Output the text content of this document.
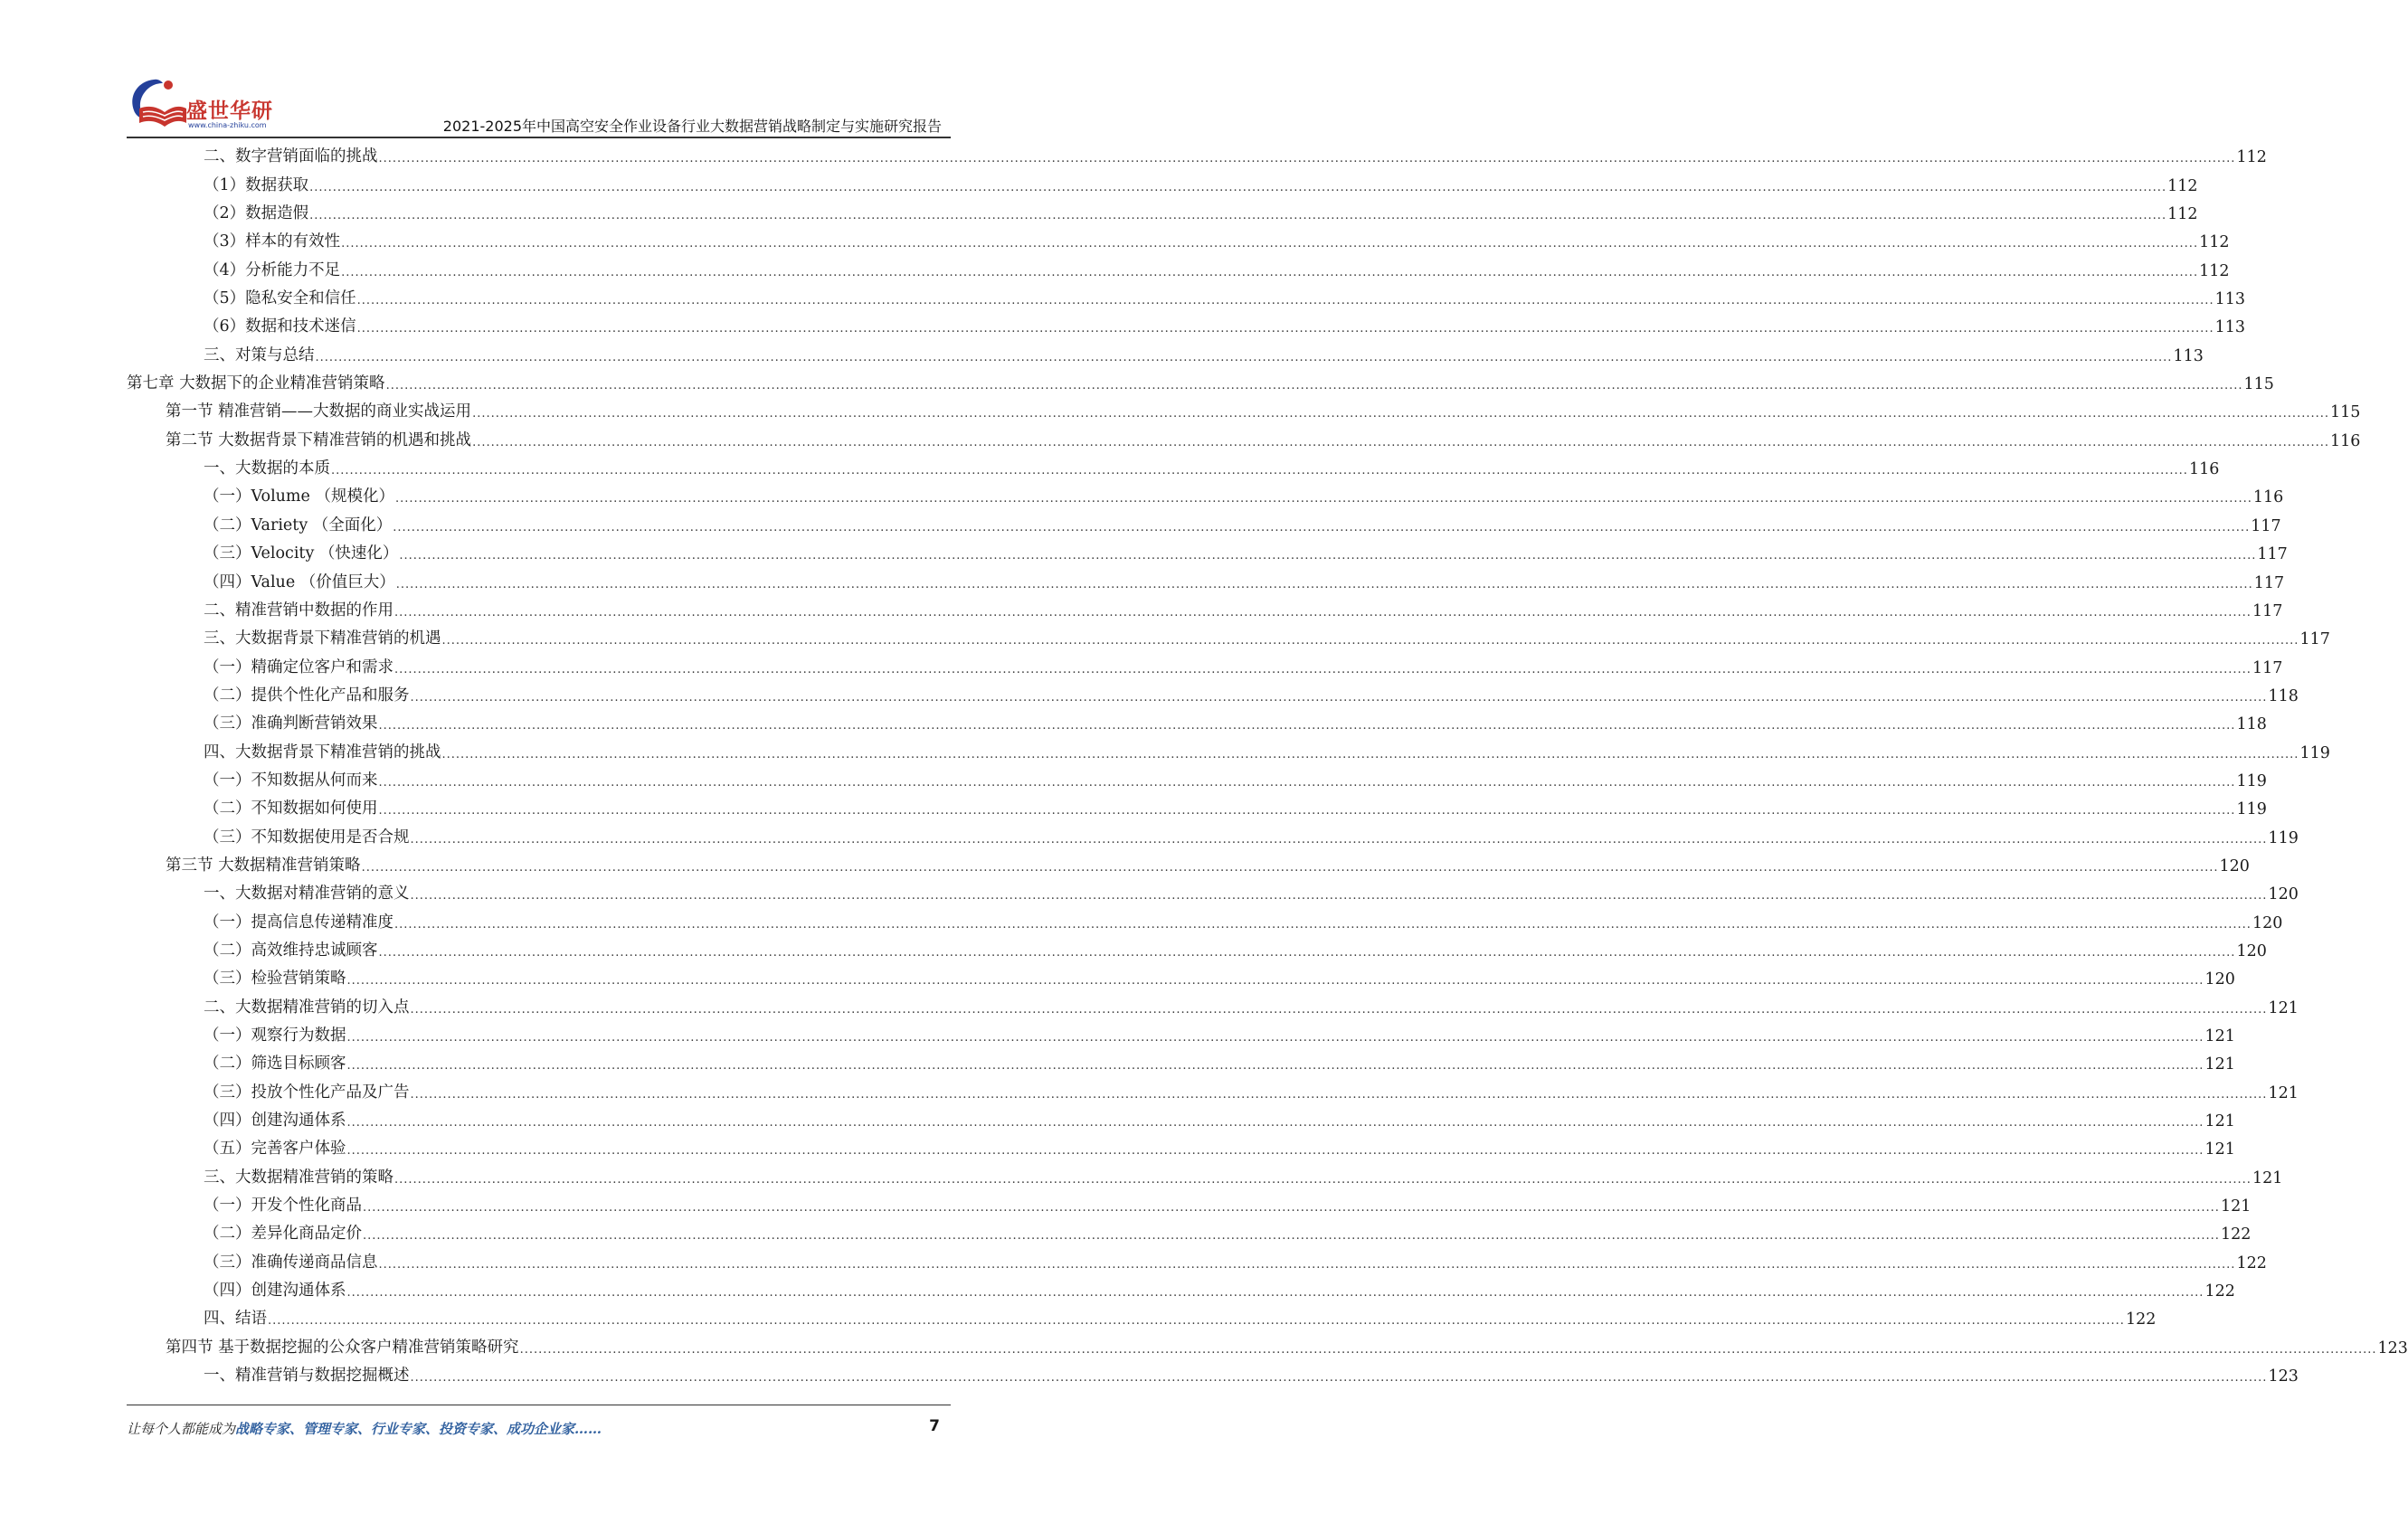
盛世华研
www.china-zhiku.com	2021-2025年中国高空安全作业设备行业大数据营销战略制定与实施研究报告
二、数字营销面临的挑战 ................................................................................................................................................................................................................................................................................................................................................................................................................ 112
（1）数据获取 ................................................................................................................................................................................................................................................................................................................................................................................................................ 112
（2）数据造假 ................................................................................................................................................................................................................................................................................................................................................................................................................ 112
（3）样本的有效性 ................................................................................................................................................................................................................................................................................................................................................................................................................ 112
（4）分析能力不足 ................................................................................................................................................................................................................................................................................................................................................................................................................ 112
（5）隐私安全和信任 ................................................................................................................................................................................................................................................................................................................................................................................................................ 113
（6）数据和技术迷信 ................................................................................................................................................................................................................................................................................................................................................................................................................ 113
三、对策与总结 ................................................................................................................................................................................................................................................................................................................................................................................................................ 113
第七章 大数据下的企业精准营销策略 ................................................................................................................................................................................................................................................................................................................................................................................................................ 115
第一节 精准营销——大数据的商业实战运用 ................................................................................................................................................................................................................................................................................................................................................................................................................ 115
第二节 大数据背景下精准营销的机遇和挑战 ................................................................................................................................................................................................................................................................................................................................................................................................................ 116
一、大数据的本质 ................................................................................................................................................................................................................................................................................................................................................................................................................ 116
（一）Volume （规模化） ................................................................................................................................................................................................................................................................................................................................................................................................................ 116
（二）Variety （全面化） ................................................................................................................................................................................................................................................................................................................................................................................................................ 117
（三）Velocity （快速化） ................................................................................................................................................................................................................................................................................................................................................................................................................ 117
（四）Value （价值巨大） ................................................................................................................................................................................................................................................................................................................................................................................................................ 117
二、精准营销中数据的作用 ................................................................................................................................................................................................................................................................................................................................................................................................................ 117
三、大数据背景下精准营销的机遇 ................................................................................................................................................................................................................................................................................................................................................................................................................ 117
（一）精确定位客户和需求 ................................................................................................................................................................................................................................................................................................................................................................................................................ 117
（二）提供个性化产品和服务 ................................................................................................................................................................................................................................................................................................................................................................................................................ 118
（三）准确判断营销效果 ................................................................................................................................................................................................................................................................................................................................................................................................................ 118
四、大数据背景下精准营销的挑战 ................................................................................................................................................................................................................................................................................................................................................................................................................ 119
（一）不知数据从何而来 ................................................................................................................................................................................................................................................................................................................................................................................................................ 119
（二）不知数据如何使用 ................................................................................................................................................................................................................................................................................................................................................................................................................ 119
（三）不知数据使用是否合规 ................................................................................................................................................................................................................................................................................................................................................................................................................ 119
第三节 大数据精准营销策略 ................................................................................................................................................................................................................................................................................................................................................................................................................ 120
一、大数据对精准营销的意义 ................................................................................................................................................................................................................................................................................................................................................................................................................ 120
（一）提高信息传递精准度 ................................................................................................................................................................................................................................................................................................................................................................................................................ 120
（二）高效维持忠诚顾客 ................................................................................................................................................................................................................................................................................................................................................................................................................ 120
（三）检验营销策略 ................................................................................................................................................................................................................................................................................................................................................................................................................ 120
二、大数据精准营销的切入点 ................................................................................................................................................................................................................................................................................................................................................................................................................ 121
（一）观察行为数据 ................................................................................................................................................................................................................................................................................................................................................................................................................ 121
（二）筛选目标顾客 ................................................................................................................................................................................................................................................................................................................................................................................................................ 121
（三）投放个性化产品及广告 ................................................................................................................................................................................................................................................................................................................................................................................................................ 121
（四）创建沟通体系 ................................................................................................................................................................................................................................................................................................................................................................................................................ 121
（五）完善客户体验 ................................................................................................................................................................................................................................................................................................................................................................................................................ 121
三、大数据精准营销的策略 ................................................................................................................................................................................................................................................................................................................................................................................................................ 121
（一）开发个性化商品 ................................................................................................................................................................................................................................................................................................................................................................................................................ 121
（二）差异化商品定价 ................................................................................................................................................................................................................................................................................................................................................................................................................ 122
（三）准确传递商品信息 ................................................................................................................................................................................................................................................................................................................................................................................................................ 122
（四）创建沟通体系 ................................................................................................................................................................................................................................................................................................................................................................................................................ 122
四、结语 ................................................................................................................................................................................................................................................................................................................................................................................................................ 122
第四节 基于数据挖掘的公众客户精准营销策略研究 ................................................................................................................................................................................................................................................................................................................................................................................................................ 123
一、精准营销与数据挖掘概述 ................................................................................................................................................................................................................................................................................................................................................................................................................ 123
让每个人都能成为战略专家、管理专家、行业专家、投资专家、成功企业家……	7
